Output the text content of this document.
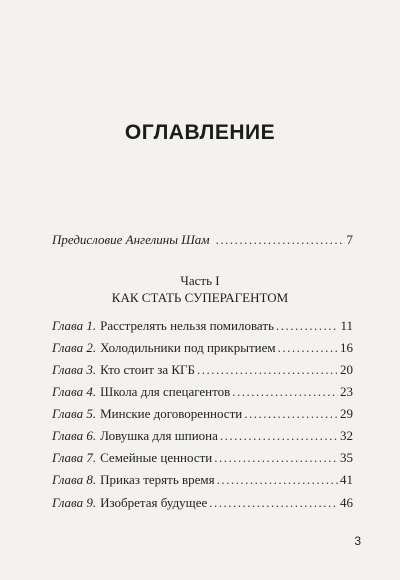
ОГЛАВЛЕНИЕ
Предисловие Ангелины Шам .....	7
Часть I
КАК СТАТЬ СУПЕРАГЕНТОМ
Глава 1. Расстрелять нельзя помиловать .....	11
Глава 2. Холодильники под прикрытием .....	16
Глава 3. Кто стоит за КГБ .....	20
Глава 4. Школа для спецагентов .....	23
Глава 5. Минские договоренности .....	29
Глава 6. Ловушка для шпиона .....	32
Глава 7. Семейные ценности .....	35
Глава 8. Приказ терять время .....	41
Глава 9. Изобретая будущее .....	46
3
